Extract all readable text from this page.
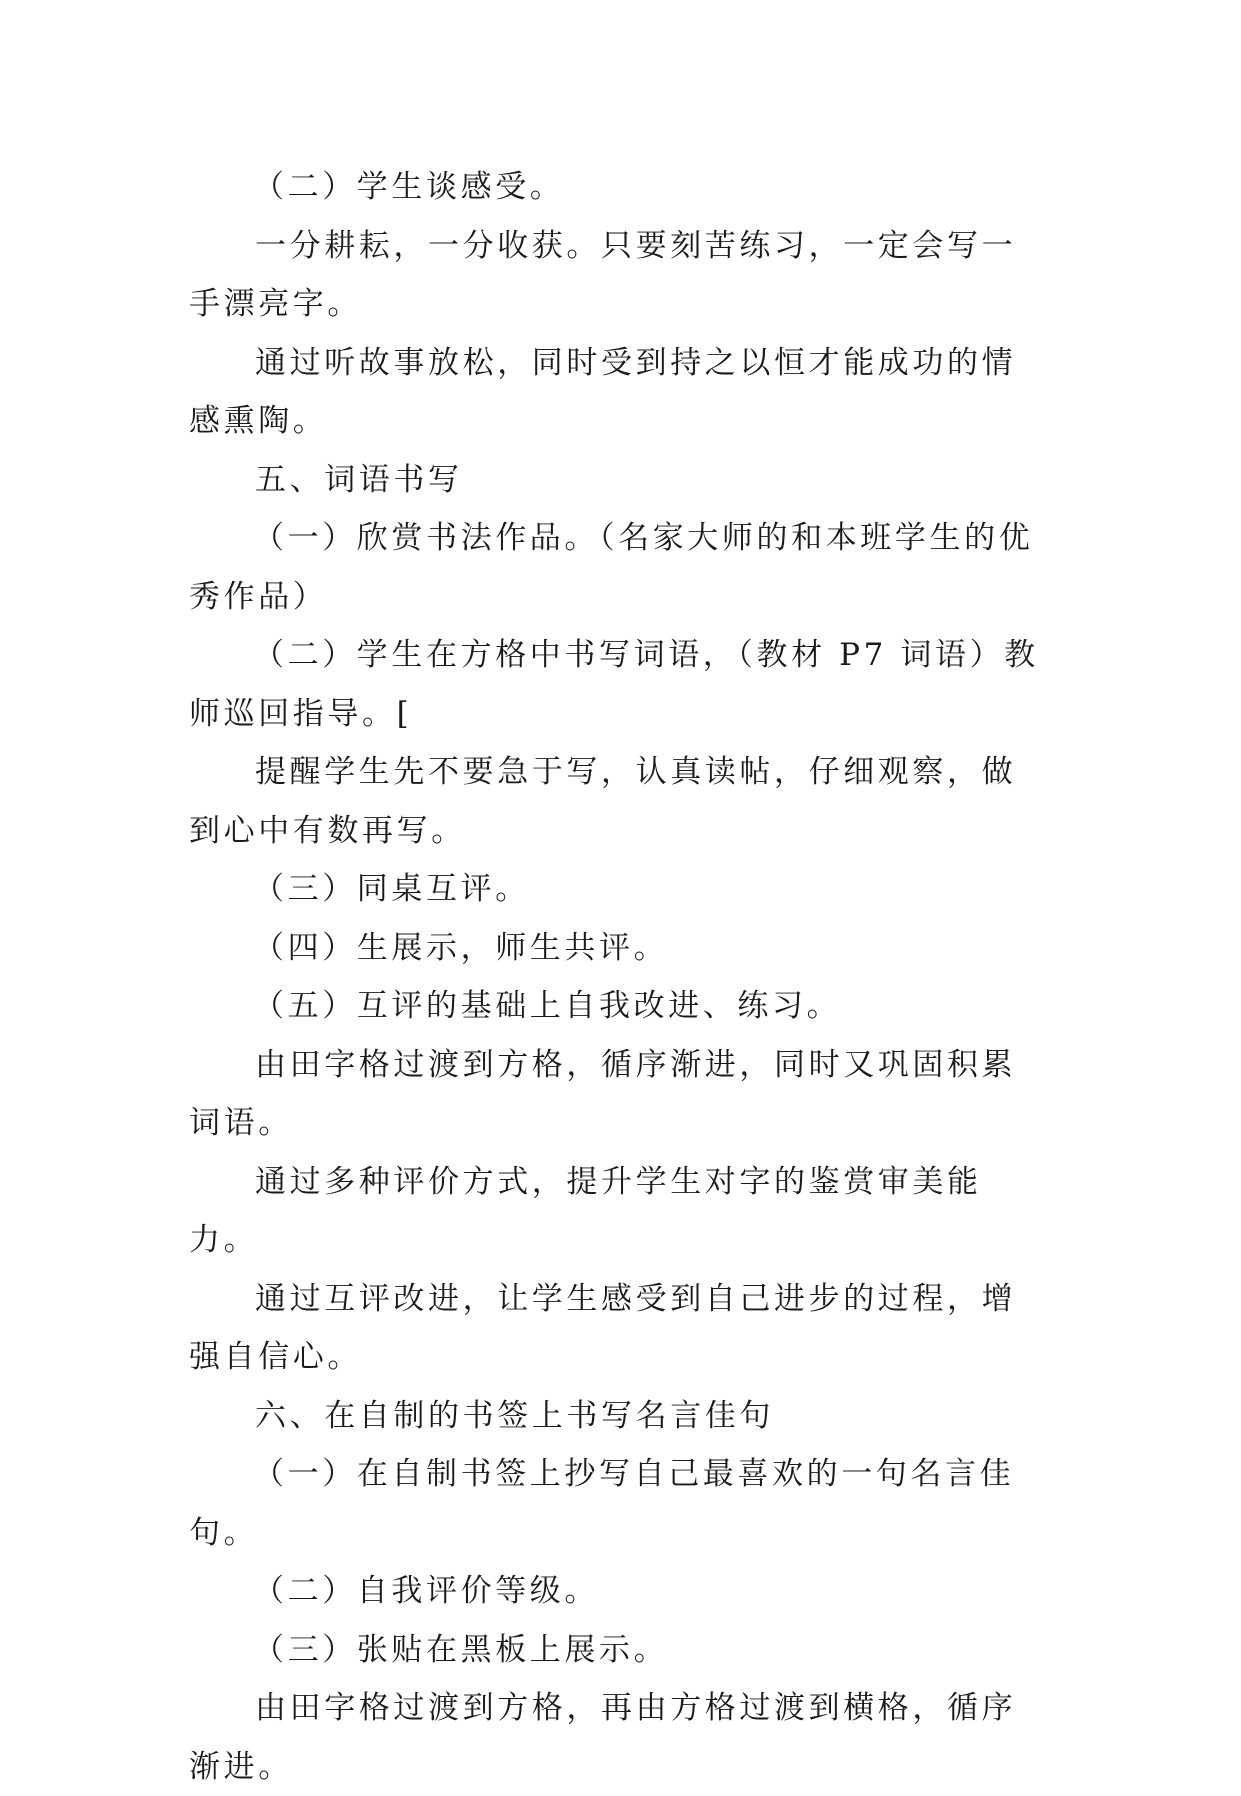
（二）学生谈感受。

一分耕耘，一分收获。只要刻苦练习，一定会写一手漂亮字。

通过听故事放松，同时受到持之以恒才能成功的情感熏陶。

五、词语书写

（一）欣赏书法作品。（名家大师的和本班学生的优秀作品）

（二）学生在方格中书写词语，（教材 P7 词语）教师巡回指导。[

提醒学生先不要急于写，认真读帖，仔细观察，做到心中有数再写。

（三）同桌互评。

（四）生展示，师生共评。

（五）互评的基础上自我改进、练习。

由田字格过渡到方格，循序渐进，同时又巩固积累词语。

通过多种评价方式，提升学生对字的鉴赏审美能力。

通过互评改进，让学生感受到自己进步的过程，增强自信心。

六、在自制的书签上书写名言佳句

（一）在自制书签上抄写自己最喜欢的一句名言佳句。

（二）自我评价等级。

（三）张贴在黑板上展示。

由田字格过渡到方格，再由方格过渡到横格，循序渐进。
